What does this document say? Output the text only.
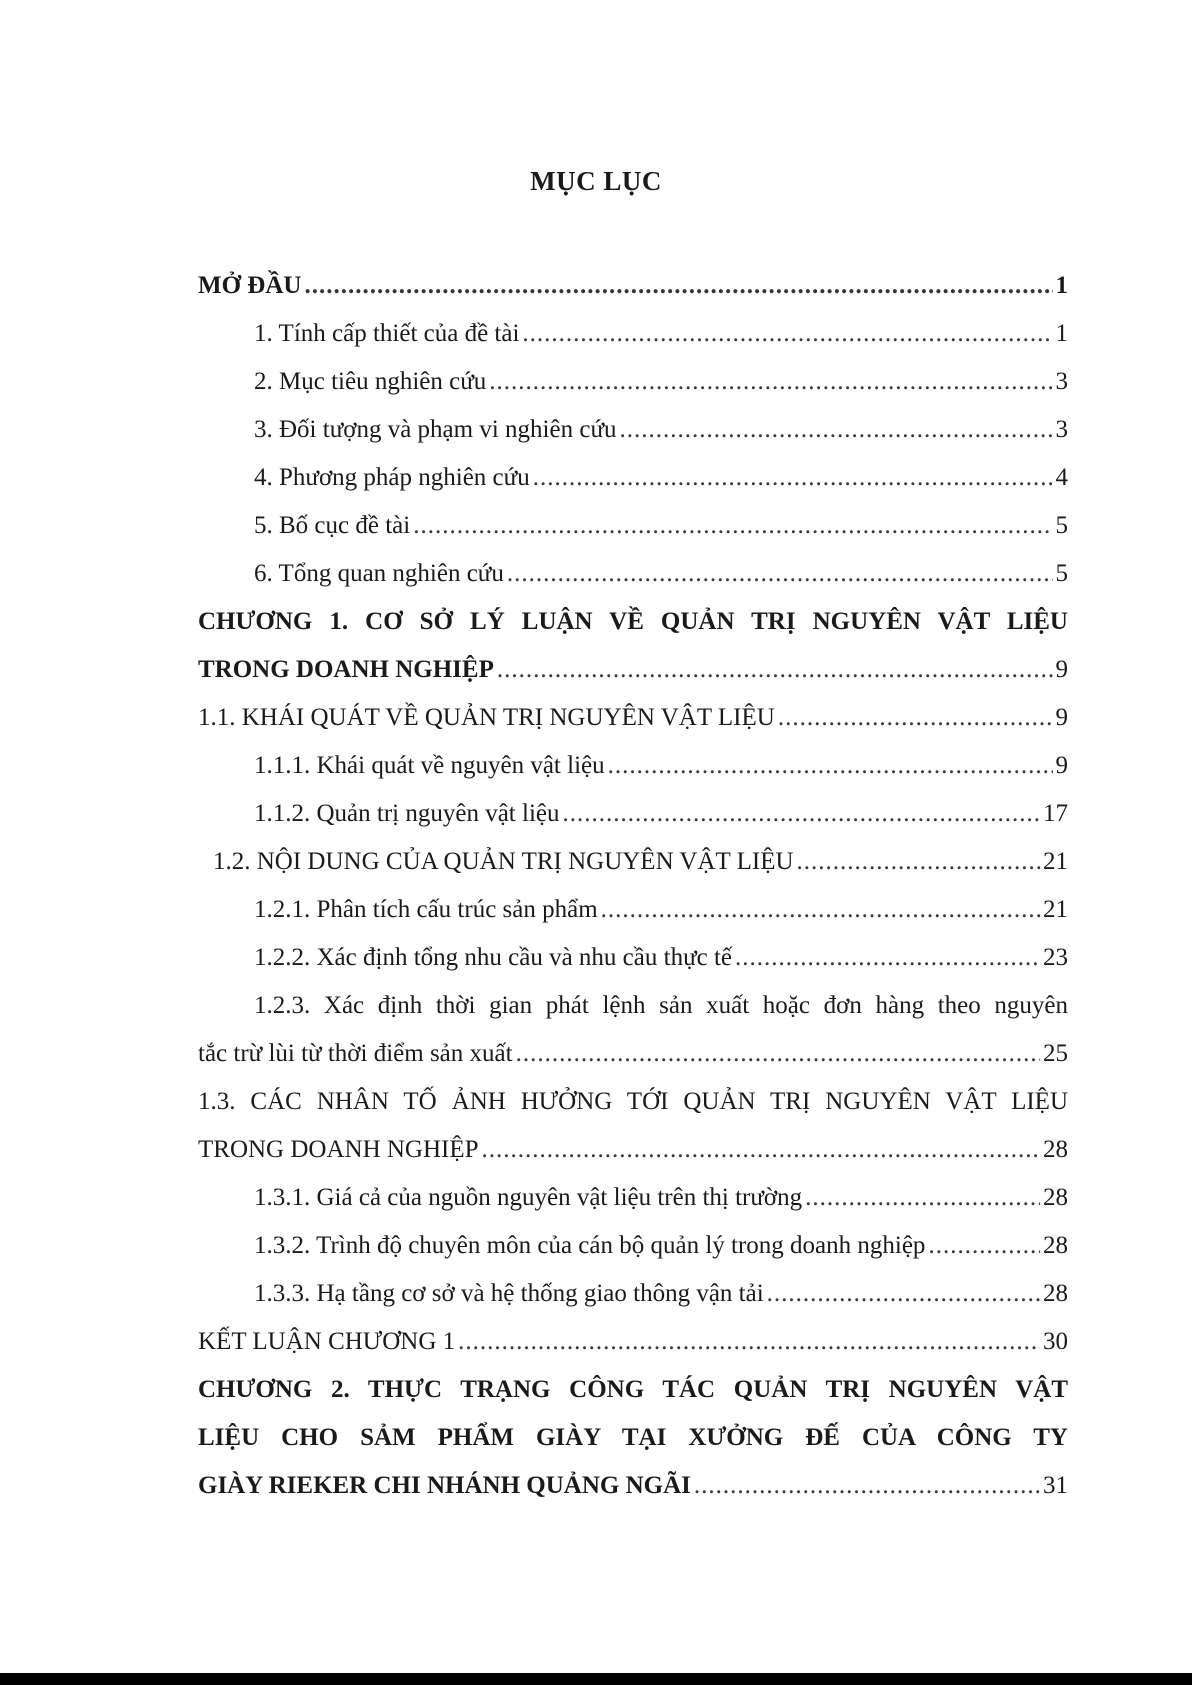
MỤC LỤC
MỞ ĐẦU .....	1
1. Tính cấp thiết của đề tài .....	1
2. Mục tiêu nghiên cứu .....	3
3. Đối tượng và phạm vi nghiên cứu .....	3
4. Phương pháp nghiên cứu .....	4
5. Bố cục đề tài .....	5
6. Tổng quan nghiên cứu .....	5
CHƯƠNG 1. CƠ SỞ LÝ LUẬN VỀ QUẢN TRỊ NGUYÊN VẬT LIỆU
TRONG DOANH NGHIỆP .....	9
1.1. KHÁI QUÁT VỀ QUẢN TRỊ NGUYÊN VẬT LIỆU .....	9
1.1.1. Khái quát về nguyên vật liệu .....	9
1.1.2. Quản trị nguyên vật liệu .....	17
1.2. NỘI DUNG CỦA QUẢN TRỊ NGUYÊN VẬT LIỆU .....	21
1.2.1. Phân tích cấu trúc sản phẩm .....	21
1.2.2. Xác định tổng nhu cầu và nhu cầu thực tế .....	23
1.2.3. Xác định thời gian phát lệnh sản xuất hoặc đơn hàng theo nguyên
tắc trừ lùi từ thời điểm sản xuất .....	25
1.3. CÁC NHÂN TỐ ẢNH HƯỞNG TỚI QUẢN TRỊ NGUYÊN VẬT LIỆU
TRONG DOANH NGHIỆP .....	28
1.3.1. Giá cả của nguồn nguyên vật liệu trên thị trường .....	28
1.3.2. Trình độ chuyên môn của cán bộ quản lý trong doanh nghiệp .....	28
1.3.3. Hạ tầng cơ sở và hệ thống giao thông vận tải .....	28
KẾT LUẬN CHƯƠNG 1 .....	30
CHƯƠNG 2. THỰC TRẠNG CÔNG TÁC QUẢN TRỊ NGUYÊN VẬT
LIỆU CHO SẢM PHẨM GIÀY TẠI XƯỞNG ĐẾ CỦA CÔNG TY
GIÀY RIEKER CHI NHÁNH QUẢNG NGÃI .....	31
